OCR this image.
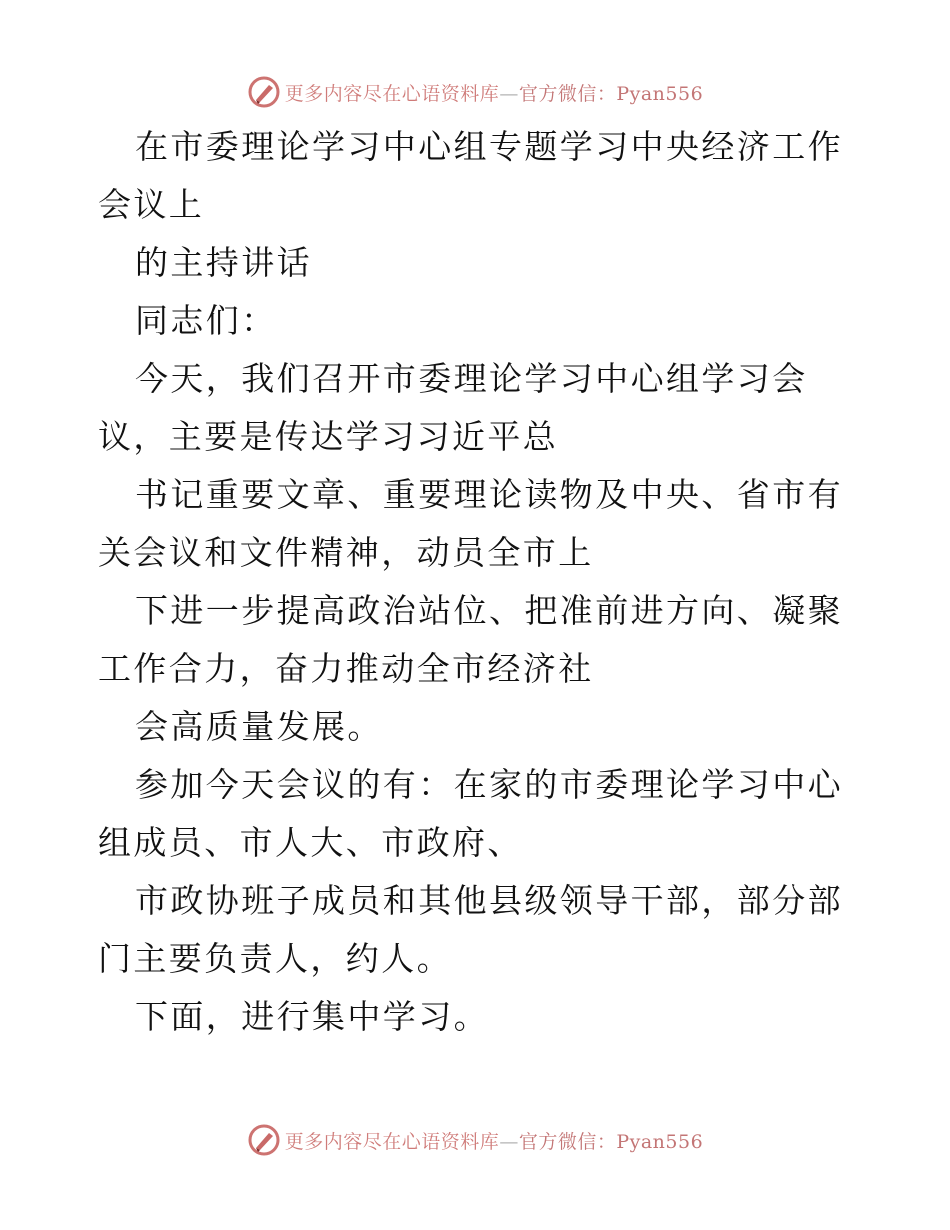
更多内容尽在心语资料库—官方微信：Pyan556

在市委理论学习中心组专题学习中央经济工作会议上

的主持讲话

同志们：

今天，我们召开市委理论学习中心组学习会议，主要是传达学习习近平总

书记重要文章、重要理论读物及中央、省市有关会议和文件精神，动员全市上

下进一步提高政治站位、把准前进方向、凝聚工作合力，奋力推动全市经济社

会高质量发展。

参加今天会议的有：在家的市委理论学习中心组成员、市人大、市政府、

市政协班子成员和其他县级领导干部，部分部门主要负责人，约人。

下面，进行集中学习。

更多内容尽在心语资料库—官方微信：Pyan556
